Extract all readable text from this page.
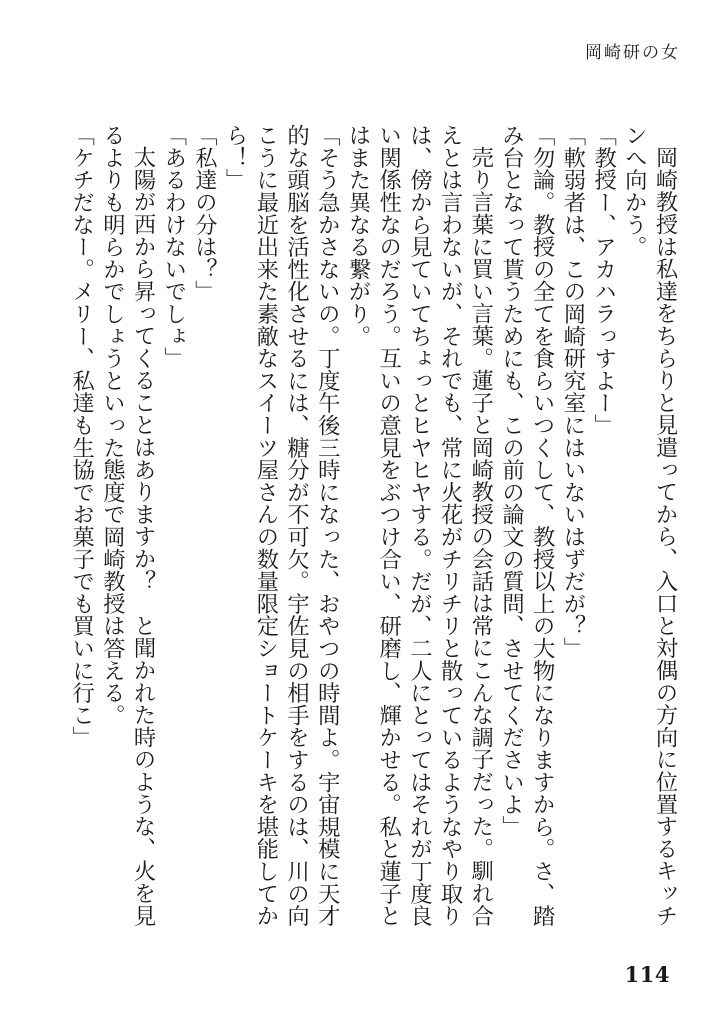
岡崎研の女

岡崎教授は私達をちらりと見遣ってから、入口と対偶の方向に位置するキッチンへ向かう。

「教授ー、アカハラっすよー」

「軟弱者は、この岡崎研究室にはいないはずだが？」

「勿論。教授の全てを食らいつくして、教授以上の大物になりますから。さ、踏み台となって貰うためにも、この前の論文の質問、させてくださいよ」

売り言葉に買い言葉。蓮子と岡崎教授の会話は常にこんな調子だった。馴れ合えとは言わないが、それでも、常に火花がチリチリと散っているようなやり取りは、傍から見ていてちょっとヒヤヒヤする。だが、二人にとってはそれが丁度良い関係性なのだろう。互いの意見をぶつけ合い、研磨し、輝かせる。私と蓮子とはまた異なる繋がり。

「そう急かさないの。丁度午後三時になった、おやつの時間よ。宇宙規模に天才的な頭脳を活性化させるには、糖分が不可欠。宇佐見の相手をするのは、川の向こうに最近出来た素敵なスイーツ屋さんの数量限定ショートケーキを堪能してから！」

「私達の分は？」

「あるわけないでしょ」

太陽が西から昇ってくることはありますか？　と聞かれた時のような、火を見るよりも明らかでしょうといった態度で岡崎教授は答える。

「ケチだなー。メリー、私達も生協でお菓子でも買いに行こ」

114
